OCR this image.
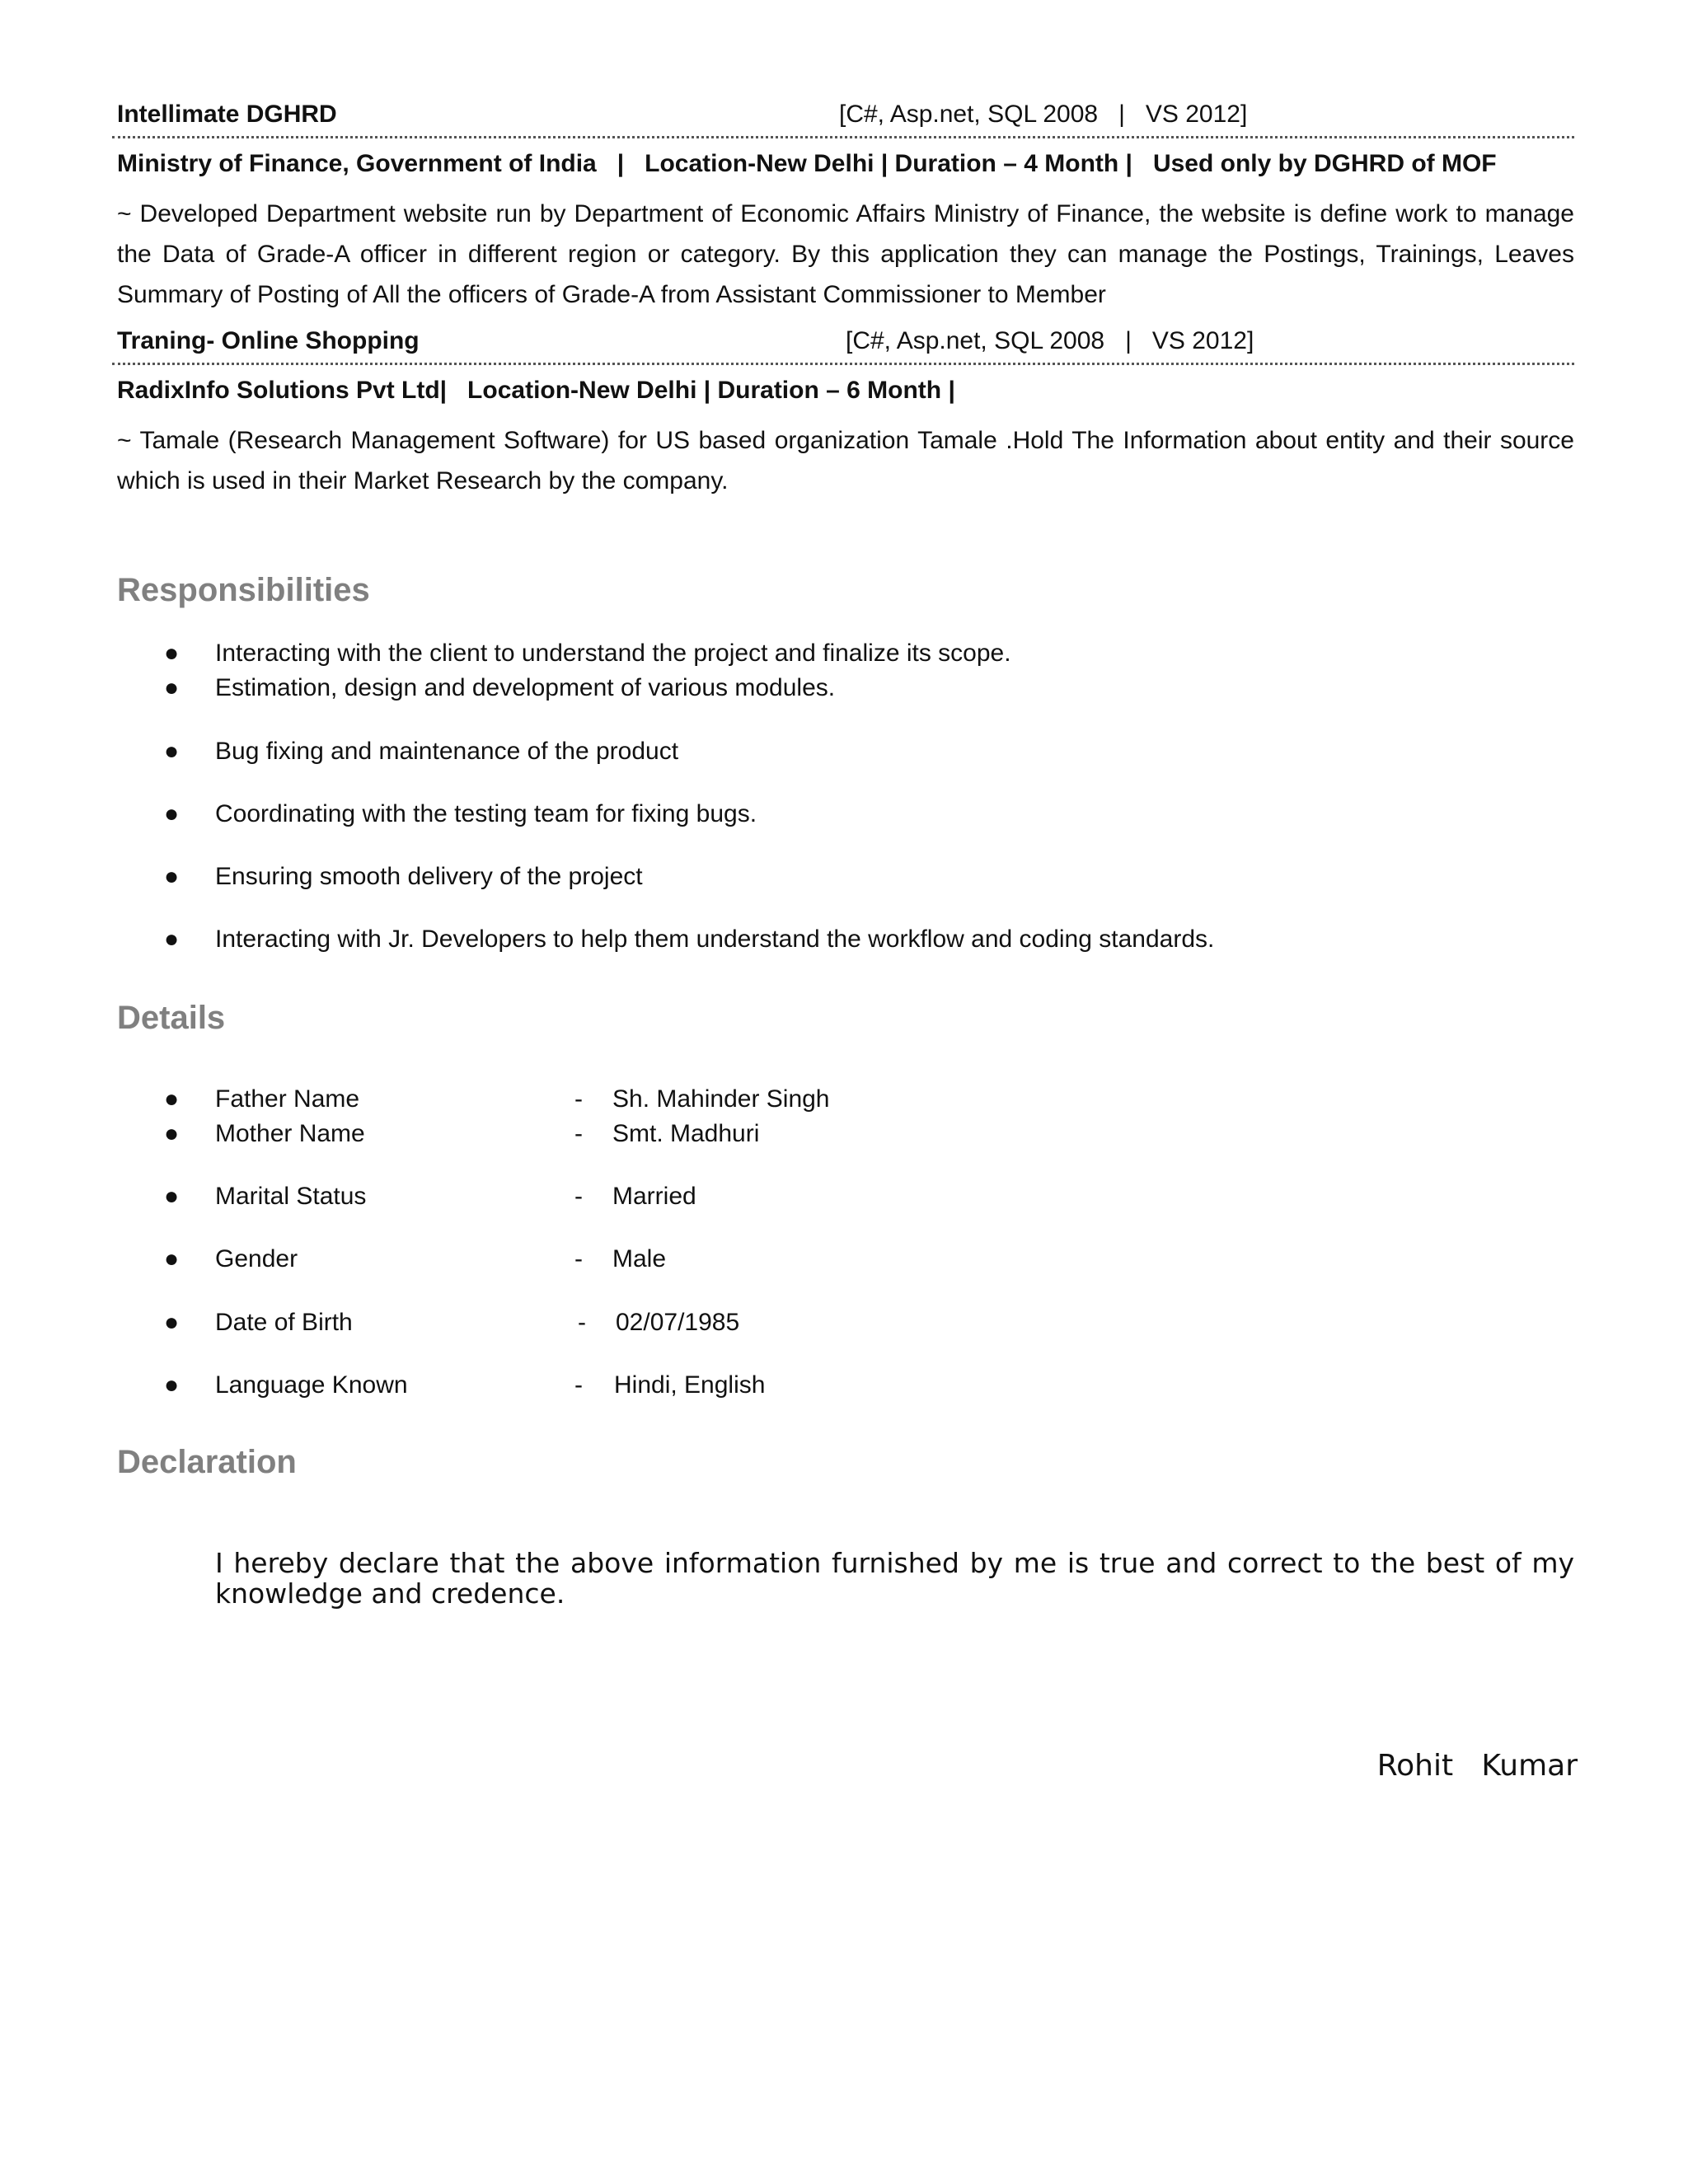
Intellimate DGHRD	[C#, Asp.net, SQL 2008   |   VS 2012]
Ministry of Finance, Government of India   |   Location-New Delhi | Duration – 4 Month |   Used only by DGHRD of MOF
~ Developed Department website run by Department of Economic Affairs Ministry of Finance, the website is define work to manage the Data of Grade-A officer in different region or category. By this application they can manage the Postings, Trainings, Leaves Summary of Posting of All the officers of Grade-A from Assistant Commissioner to Member
Traning- Online Shopping	[C#, Asp.net, SQL 2008   |   VS 2012]
RadixInfo Solutions Pvt Ltd|   Location-New Delhi | Duration – 6 Month |
~ Tamale (Research Management Software) for US based organization Tamale .Hold The Information about entity and their source which is used in their Market Research by the company.
Responsibilities
● Interacting with the client to understand the project and finalize its scope.
● Estimation, design and development of various modules.
● Bug fixing and maintenance of the product
● Coordinating with the testing team for fixing bugs.
● Ensuring smooth delivery of the project
● Interacting with Jr. Developers to help them understand the workflow and coding standards.
Details
● Father Name	- Sh. Mahinder Singh
● Mother Name	- Smt. Madhuri
● Marital Status	- Married
● Gender	- Male
● Date of Birth	- 02/07/1985
● Language Known	- Hindi, English
Declaration
I hereby declare that the above information furnished by me is true and correct to the best of my knowledge and credence.
Rohit   Kumar
